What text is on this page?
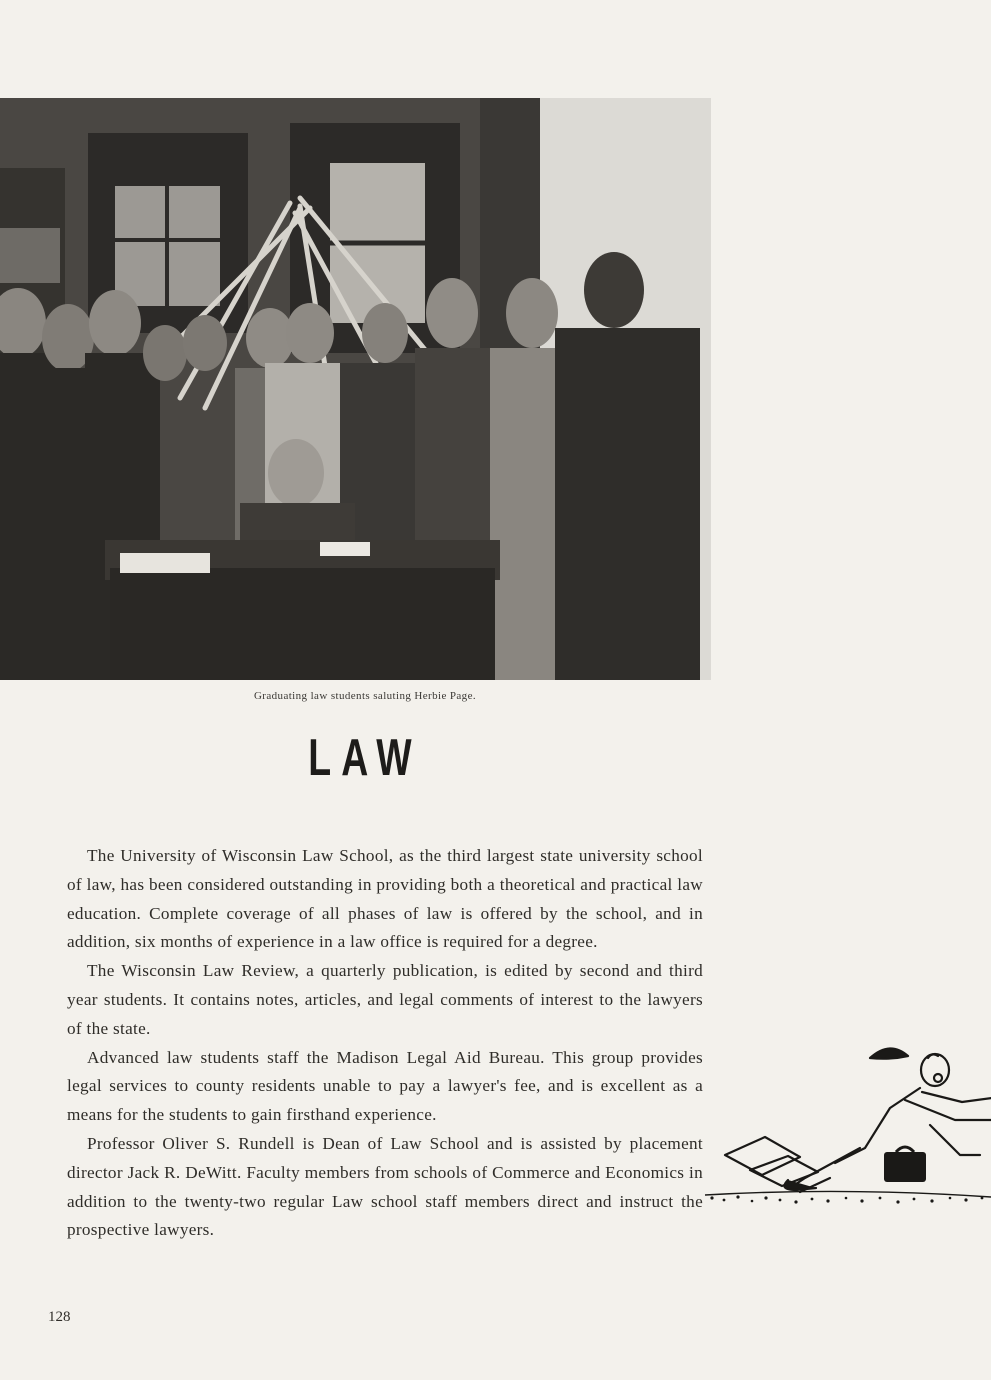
Graduating law students saluting Herbie Page.
LAW

The University of Wisconsin Law School, as the third largest state university school of law, has been considered outstanding in providing both a theoretical and practical law education. Complete coverage of all phases of law is offered by the school, and in addition, six months of experience in a law office is required for a degree.

The Wisconsin Law Review, a quarterly publication, is edited by second and third year students. It contains notes, articles, and legal comments of interest to the lawyers of the state.

Advanced law students staff the Madison Legal Aid Bureau. This group provides legal services to county residents unable to pay a lawyer's fee, and is excellent as a means for the students to gain firsthand experience.

Professor Oliver S. Rundell is Dean of Law School and is assisted by placement director Jack R. DeWitt. Faculty members from schools of Commerce and Economics in addition to the twenty-two regular Law school staff members direct and instruct the prospective lawyers.

128
